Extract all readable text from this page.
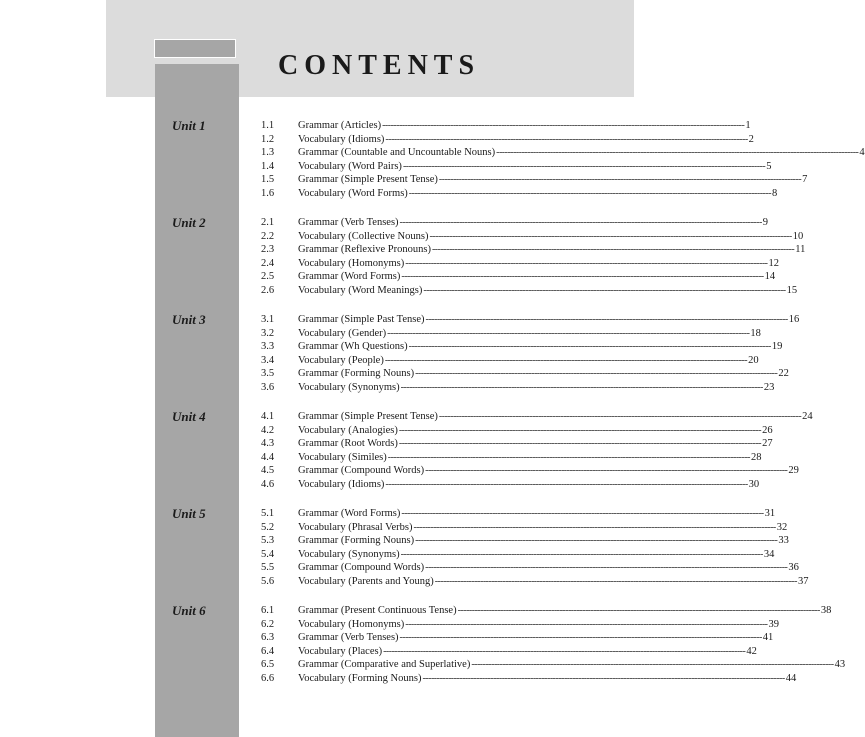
CONTENTS
Unit 1	1.1	Grammar (Articles) -------------------------------------------------------------------------------------------------------------------------------- 1
1.2	Vocabulary (Idioms) -------------------------------------------------------------------------------------------------------------------------------- 2
1.3	Grammar (Countable and Uncountable Nouns) -------------------------------------------------------------------------------------------------------------------------------- 4
1.4	Vocabulary (Word Pairs) -------------------------------------------------------------------------------------------------------------------------------- 5
1.5	Grammar (Simple Present Tense) -------------------------------------------------------------------------------------------------------------------------------- 7
1.6	Vocabulary (Word Forms) -------------------------------------------------------------------------------------------------------------------------------- 8
Unit 2	2.1	Grammar (Verb Tenses) -------------------------------------------------------------------------------------------------------------------------------- 9
2.2	Vocabulary (Collective Nouns) -------------------------------------------------------------------------------------------------------------------------------- 10
2.3	Grammar (Reflexive Pronouns) -------------------------------------------------------------------------------------------------------------------------------- 11
2.4	Vocabulary (Homonyms) -------------------------------------------------------------------------------------------------------------------------------- 12
2.5	Grammar (Word Forms) -------------------------------------------------------------------------------------------------------------------------------- 14
2.6	Vocabulary (Word Meanings) -------------------------------------------------------------------------------------------------------------------------------- 15
Unit 3	3.1	Grammar (Simple Past Tense) -------------------------------------------------------------------------------------------------------------------------------- 16
3.2	Vocabulary (Gender) -------------------------------------------------------------------------------------------------------------------------------- 18
3.3	Grammar (Wh Questions) -------------------------------------------------------------------------------------------------------------------------------- 19
3.4	Vocabulary (People) -------------------------------------------------------------------------------------------------------------------------------- 20
3.5	Grammar (Forming Nouns) -------------------------------------------------------------------------------------------------------------------------------- 22
3.6	Vocabulary (Synonyms) -------------------------------------------------------------------------------------------------------------------------------- 23
Unit 4	4.1	Grammar (Simple Present Tense) -------------------------------------------------------------------------------------------------------------------------------- 24
4.2	Vocabulary (Analogies) -------------------------------------------------------------------------------------------------------------------------------- 26
4.3	Grammar (Root Words) -------------------------------------------------------------------------------------------------------------------------------- 27
4.4	Vocabulary (Similes) -------------------------------------------------------------------------------------------------------------------------------- 28
4.5	Grammar (Compound Words) -------------------------------------------------------------------------------------------------------------------------------- 29
4.6	Vocabulary (Idioms) -------------------------------------------------------------------------------------------------------------------------------- 30
Unit 5	5.1	Grammar (Word Forms) -------------------------------------------------------------------------------------------------------------------------------- 31
5.2	Vocabulary (Phrasal Verbs) -------------------------------------------------------------------------------------------------------------------------------- 32
5.3	Grammar (Forming Nouns) -------------------------------------------------------------------------------------------------------------------------------- 33
5.4	Vocabulary (Synonyms) -------------------------------------------------------------------------------------------------------------------------------- 34
5.5	Grammar (Compound Words) -------------------------------------------------------------------------------------------------------------------------------- 36
5.6	Vocabulary (Parents and Young) -------------------------------------------------------------------------------------------------------------------------------- 37
Unit 6	6.1	Grammar (Present Continuous Tense) -------------------------------------------------------------------------------------------------------------------------------- 38
6.2	Vocabulary (Homonyms) -------------------------------------------------------------------------------------------------------------------------------- 39
6.3	Grammar (Verb Tenses) -------------------------------------------------------------------------------------------------------------------------------- 41
6.4	Vocabulary (Places) -------------------------------------------------------------------------------------------------------------------------------- 42
6.5	Grammar (Comparative and Superlative) -------------------------------------------------------------------------------------------------------------------------------- 43
6.6	Vocabulary (Forming Nouns) -------------------------------------------------------------------------------------------------------------------------------- 44
